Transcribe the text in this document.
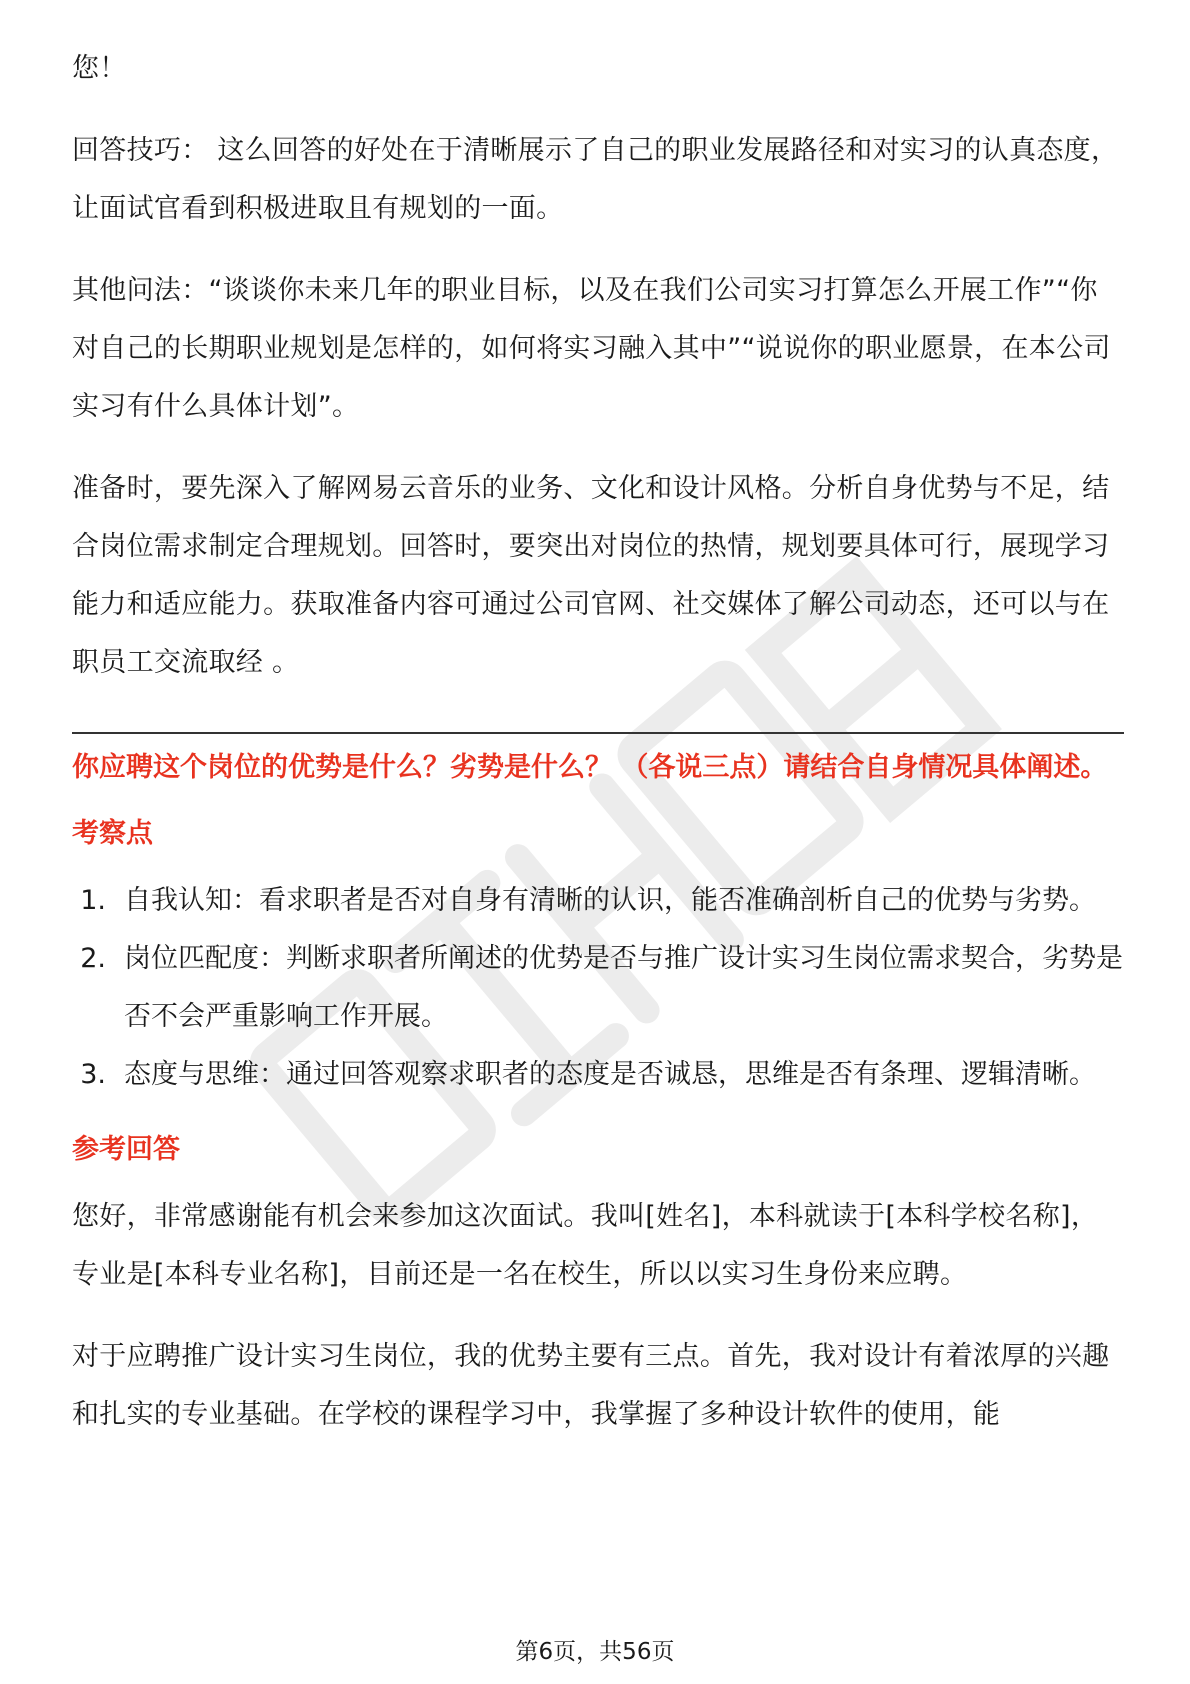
您！

回答技巧： 这么回答的好处在于清晰展示了自己的职业发展路径和对实习的认真态度，让面试官看到积极进取且有规划的一面。

其他问法：“谈谈你未来几年的职业目标，以及在我们公司实习打算怎么开展工作”“你对自己的长期职业规划是怎样的，如何将实习融入其中”“说说你的职业愿景，在本公司实习有什么具体计划”。

准备时，要先深入了解网易云音乐的业务、文化和设计风格。分析自身优势与不足，结合岗位需求制定合理规划。回答时，要突出对岗位的热情，规划要具体可行，展现学习能力和适应能力。获取准备内容可通过公司官网、社交媒体了解公司动态，还可以与在职员工交流取经 。

你应聘这个岗位的优势是什么？劣势是什么？ （各说三点）请结合自身情况具体阐述。

考察点

1. 自我认知：看求职者是否对自身有清晰的认识，能否准确剖析自己的优势与劣势。
2. 岗位匹配度：判断求职者所阐述的优势是否与推广设计实习生岗位需求契合，劣势是否不会严重影响工作开展。
3. 态度与思维：通过回答观察求职者的态度是否诚恳，思维是否有条理、逻辑清晰。

参考回答

您好，非常感谢能有机会来参加这次面试。我叫[姓名]，本科就读于[本科学校名称]，专业是[本科专业名称]，目前还是一名在校生，所以以实习生身份来应聘。

对于应聘推广设计实习生岗位，我的优势主要有三点。首先，我对设计有着浓厚的兴趣和扎实的专业基础。在学校的课程学习中，我掌握了多种设计软件的使用，能

第6页，共56页
